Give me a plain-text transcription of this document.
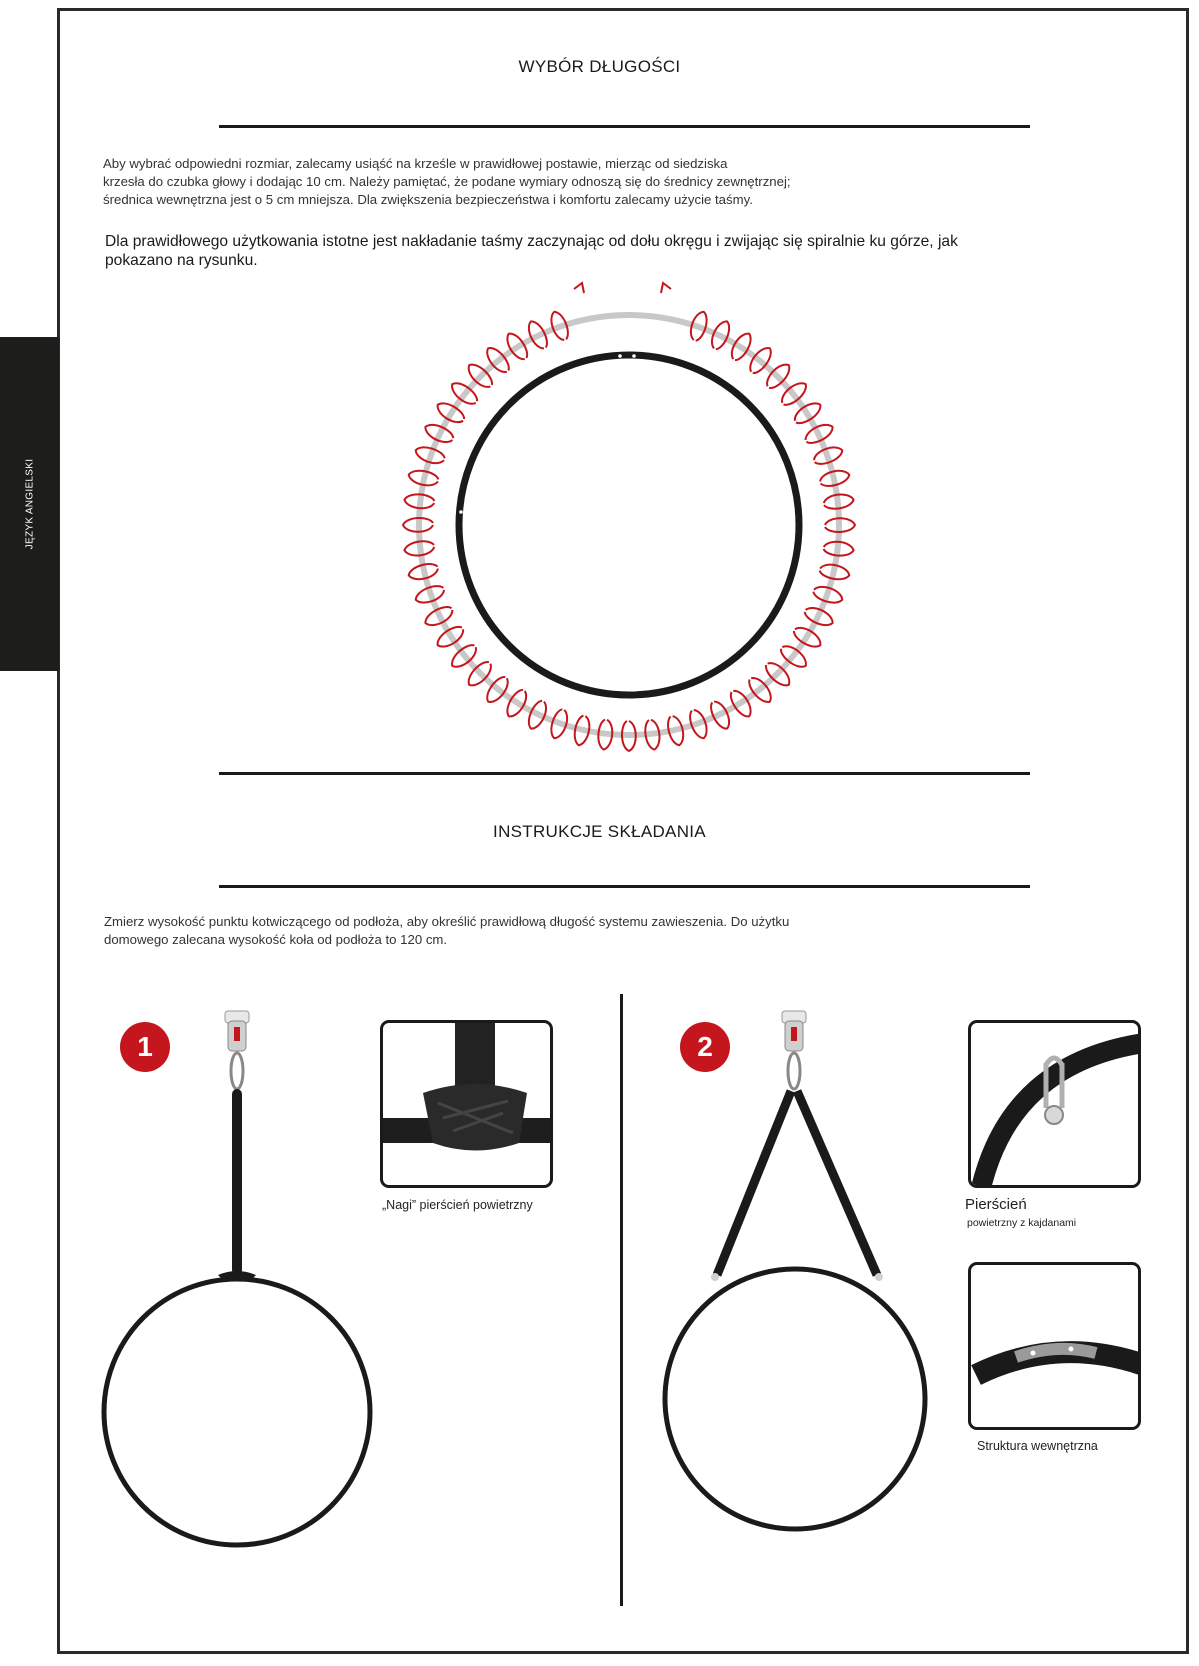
JĘZYK ANGIELSKI
WYBÓR DŁUGOŚCI
Aby wybrać odpowiedni rozmiar, zalecamy usiąść na krześle w prawidłowej postawie, mierząc od siedziska
krzesła do czubka głowy i dodając 10 cm. Należy pamiętać, że podane wymiary odnoszą się do średnicy zewnętrznej;
średnica wewnętrzna jest o 5 cm mniejsza. Dla zwiększenia bezpieczeństwa i komfortu zalecamy użycie taśmy.
Dla prawidłowego użytkowania istotne jest nakładanie taśmy zaczynając od dołu okręgu i zwijając się spiralnie ku górze, jak
pokazano na rysunku.
INSTRUKCJE SKŁADANIA
Zmierz wysokość punktu kotwiczącego od podłoża, aby określić prawidłową długość systemu zawieszenia. Do użytku
domowego zalecana wysokość koła od podłoża to 120 cm.
1
„Nagi” pierścień powietrzny
2
Pierścień
powietrzny z kajdanami
Struktura wewnętrzna
